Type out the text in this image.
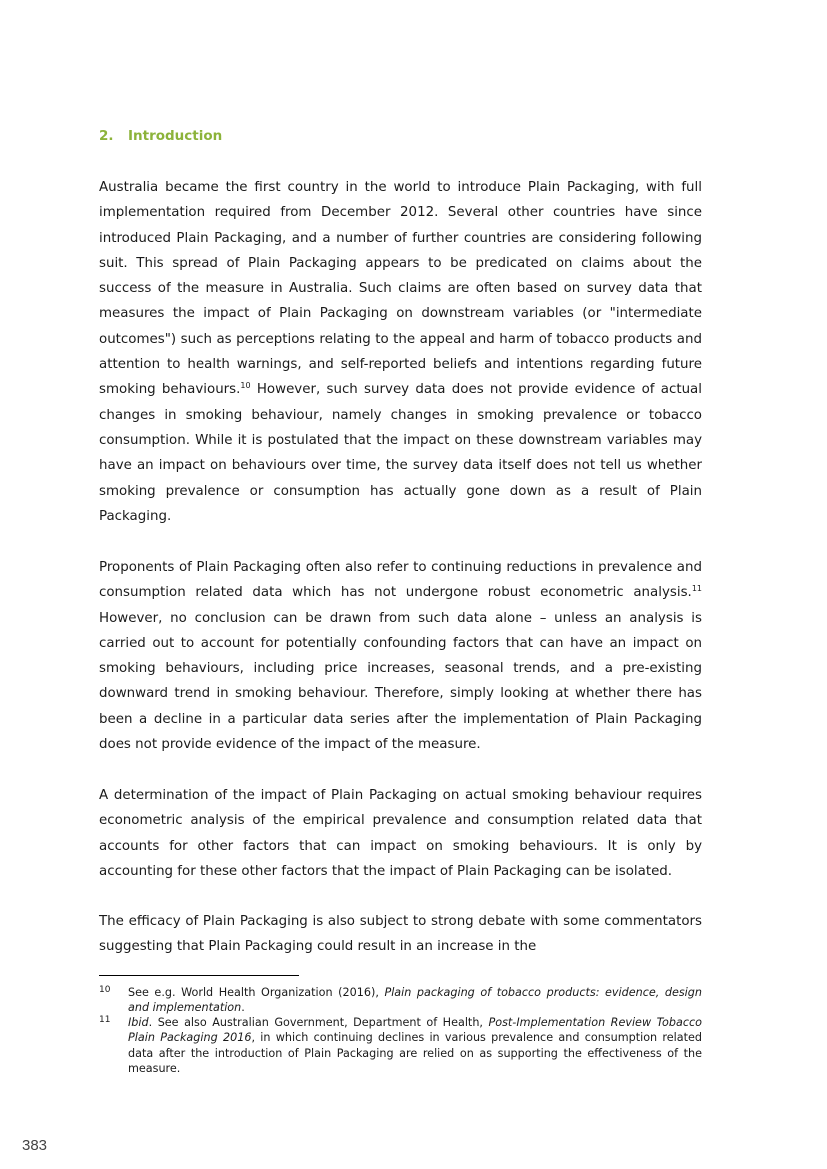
2. Introduction

Australia became the first country in the world to introduce Plain Packaging, with full implementation required from December 2012. Several other countries have since introduced Plain Packaging, and a number of further countries are considering following suit. This spread of Plain Packaging appears to be predicated on claims about the success of the measure in Australia. Such claims are often based on survey data that measures the impact of Plain Packaging on downstream variables (or "intermediate outcomes") such as perceptions relating to the appeal and harm of tobacco products and attention to health warnings, and self-reported beliefs and intentions regarding future smoking behaviours.$^{10}$ However, such survey data does not provide evidence of actual changes in smoking behaviour, namely changes in smoking prevalence or tobacco consumption. While it is postulated that the impact on these downstream variables may have an impact on behaviours over time, the survey data itself does not tell us whether smoking prevalence or consumption has actually gone down as a result of Plain Packaging.

Proponents of Plain Packaging often also refer to continuing reductions in prevalence and consumption related data which has not undergone robust econometric analysis.$^{11}$ However, no conclusion can be drawn from such data alone – unless an analysis is carried out to account for potentially confounding factors that can have an impact on smoking behaviours, including price increases, seasonal trends, and a pre-existing downward trend in smoking behaviour. Therefore, simply looking at whether there has been a decline in a particular data series after the implementation of Plain Packaging does not provide evidence of the impact of the measure.

A determination of the impact of Plain Packaging on actual smoking behaviour requires econometric analysis of the empirical prevalence and consumption related data that accounts for other factors that can impact on smoking behaviours. It is only by accounting for these other factors that the impact of Plain Packaging can be isolated.

The efficacy of Plain Packaging is also subject to strong debate with some commentators suggesting that Plain Packaging could result in an increase in the

10 See e.g. World Health Organization (2016), Plain packaging of tobacco products: evidence, design and implementation.
11 Ibid. See also Australian Government, Department of Health, Post-Implementation Review Tobacco Plain Packaging 2016, in which continuing declines in various prevalence and consumption related data after the introduction of Plain Packaging are relied on as supporting the effectiveness of the measure.
383
